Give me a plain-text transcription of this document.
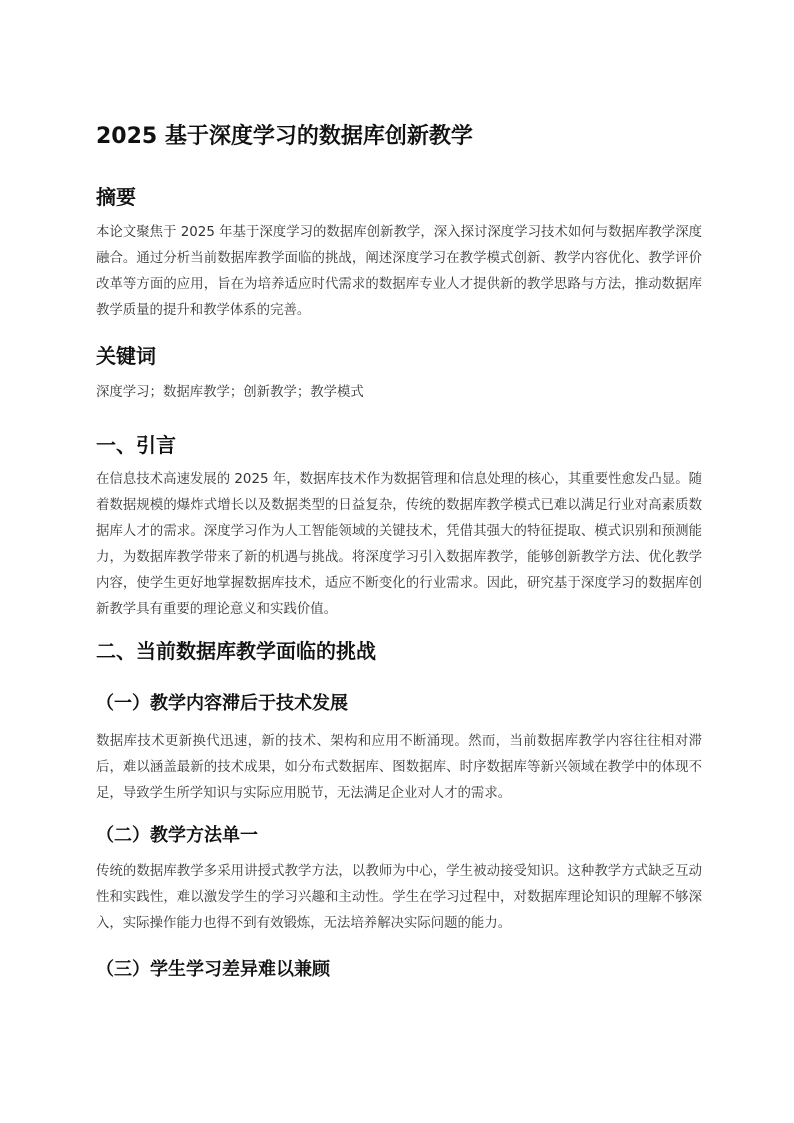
2025 基于深度学习的数据库创新教学
摘要

本论文聚焦于 2025 年基于深度学习的数据库创新教学，深入探讨深度学习技术如何与数据库教学深度融合。通过分析当前数据库教学面临的挑战，阐述深度学习在教学模式创新、教学内容优化、教学评价改革等方面的应用，旨在为培养适应时代需求的数据库专业人才提供新的教学思路与方法，推动数据库教学质量的提升和教学体系的完善。

关键词

深度学习；数据库教学；创新教学；教学模式

一、引言

在信息技术高速发展的 2025 年，数据库技术作为数据管理和信息处理的核心，其重要性愈发凸显。随着数据规模的爆炸式增长以及数据类型的日益复杂，传统的数据库教学模式已难以满足行业对高素质数据库人才的需求。深度学习作为人工智能领域的关键技术，凭借其强大的特征提取、模式识别和预测能力，为数据库教学带来了新的机遇与挑战。将深度学习引入数据库教学，能够创新教学方法、优化教学内容，使学生更好地掌握数据库技术，适应不断变化的行业需求。因此，研究基于深度学习的数据库创新教学具有重要的理论意义和实践价值。

二、当前数据库教学面临的挑战
（一）教学内容滞后于技术发展

数据库技术更新换代迅速，新的技术、架构和应用不断涌现。然而，当前数据库教学内容往往相对滞后，难以涵盖最新的技术成果，如分布式数据库、图数据库、时序数据库等新兴领域在教学中的体现不足，导致学生所学知识与实际应用脱节，无法满足企业对人才的需求。

（二）教学方法单一

传统的数据库教学多采用讲授式教学方法，以教师为中心，学生被动接受知识。这种教学方式缺乏互动性和实践性，难以激发学生的学习兴趣和主动性。学生在学习过程中，对数据库理论知识的理解不够深入，实际操作能力也得不到有效锻炼，无法培养解决实际问题的能力。

（三）学生学习差异难以兼顾
